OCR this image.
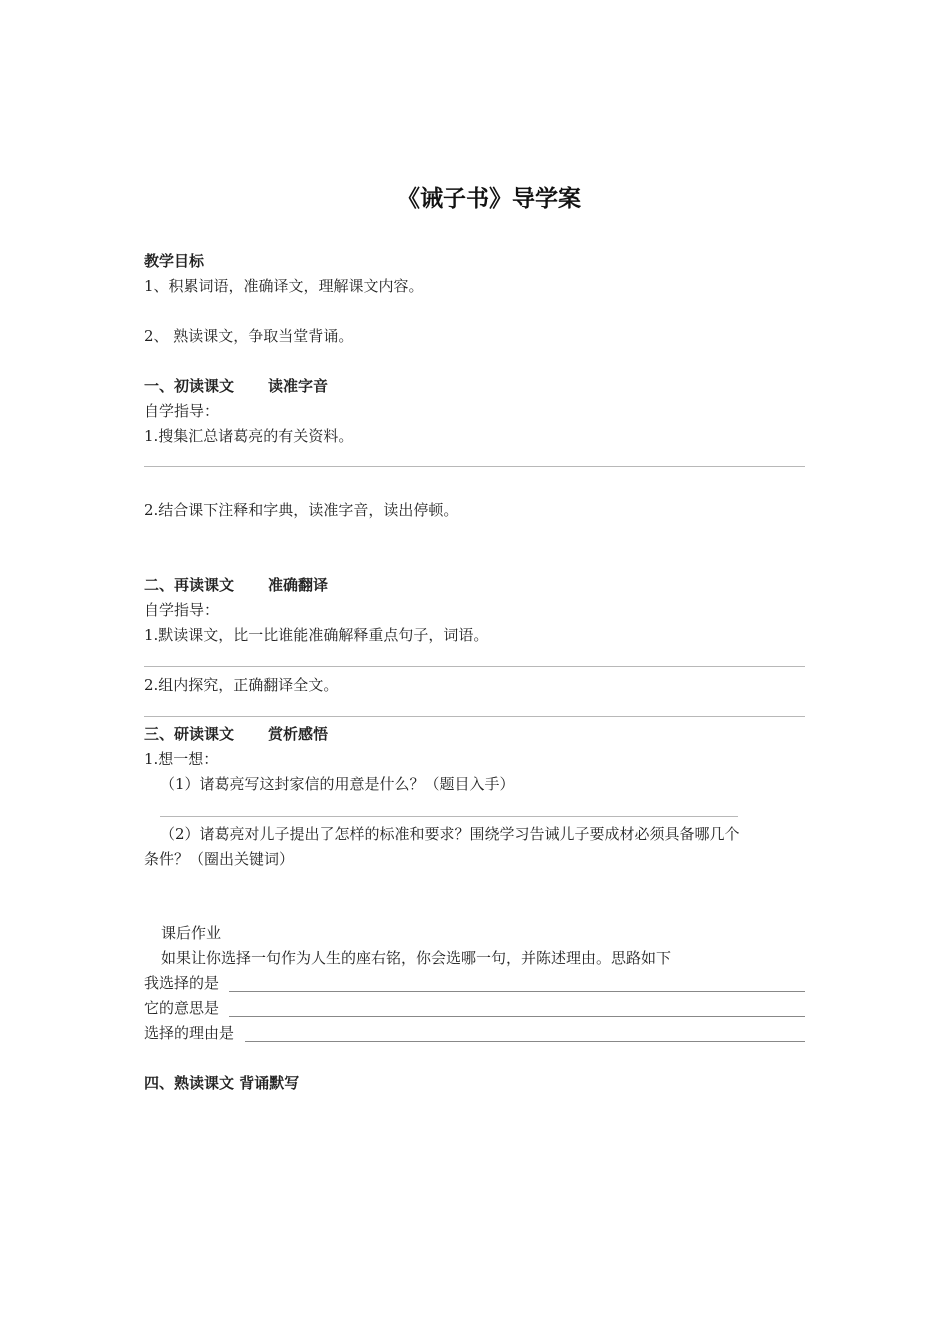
《诫子书》导学案
教学目标
1、积累词语，准确译文，理解课文内容。
2、 熟读课文，争取当堂背诵。
一、初读课文 读准字音
自学指导：
1.搜集汇总诸葛亮的有关资料。
2.结合课下注释和字典，读准字音，读出停顿。
二、再读课文 准确翻译
自学指导：
1.默读课文，比一比谁能准确解释重点句子，词语。
2.组内探究，正确翻译全文。
三、研读课文 赏析感悟
1.想一想：
（1）诸葛亮写这封家信的用意是什么？（题目入手）
（2）诸葛亮对儿子提出了怎样的标准和要求？围绕学习告诫儿子要成材必须具备哪几个
条件？（圈出关键词）
课后作业
如果让你选择一句作为人生的座右铭，你会选哪一句，并陈述理由。思路如下
我选择的是
它的意思是
选择的理由是
四、熟读课文 背诵默写
